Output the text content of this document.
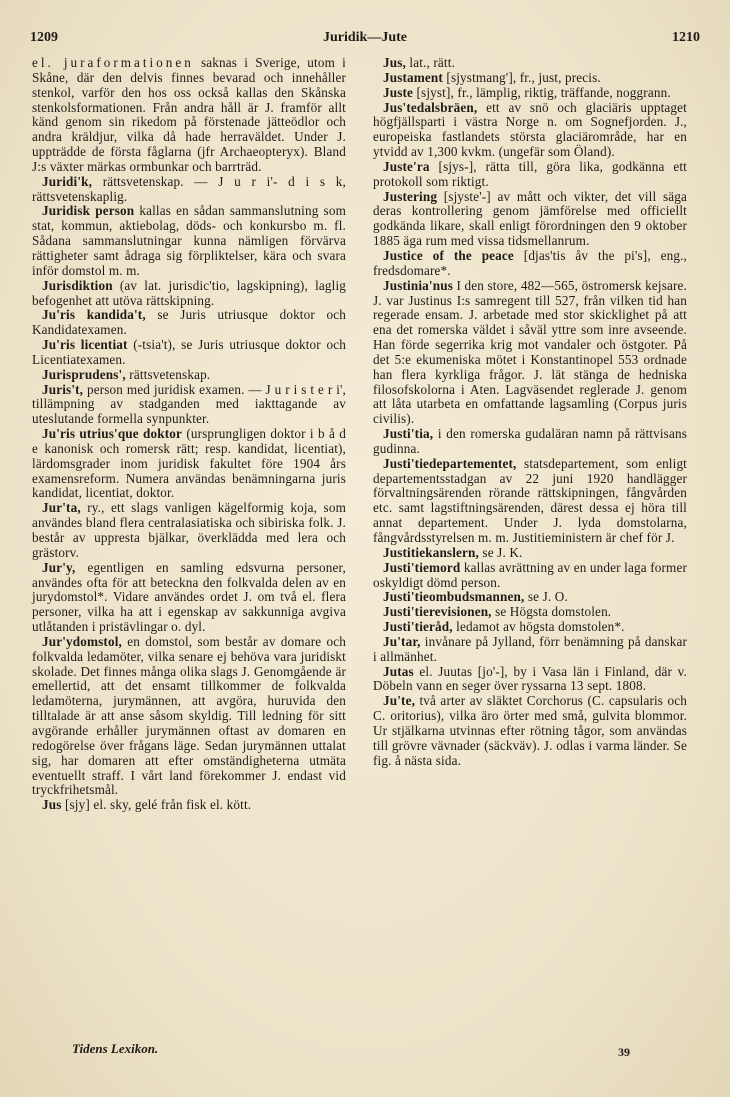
1209	Juridik—Jute	1210

el. juraformationen saknas i Sverige, utom i Skåne, där den delvis finnes bevarad och innehåller stenkol, varför den hos oss också kallas den Skånska stenkolsformationen. Från andra håll är J. framför allt känd genom sin rikedom på förstenade jätteödlor och andra kräldjur, vilka då hade herraväldet. Under J. uppträdde de första fåglarna (jfr Archaeopteryx). Bland J:s växter märkas ormbunkar och barrträd.

Juridi'k, rättsvetenskap. — J u r i'- d i s k, rättsvetenskaplig.

Juridisk person kallas en sådan sammanslutning som stat, kommun, aktiebolag, döds- och konkursbo m. fl. Sådana sammanslutningar kunna nämligen förvärva rättigheter samt ådraga sig förpliktelser, kära och svara inför domstol m. m.

Jurisdiktion (av lat. jurisdic'tio, lagskipning), laglig befogenhet att utöva rättskipning.

Ju'ris kandida't, se Juris utriusque doktor och Kandidatexamen.

Ju'ris licentiat (-tsia't), se Juris utriusque doktor och Licentiatexamen.

Jurisprudens', rättsvetenskap.

Juris't, person med juridisk examen. — J u r i s t e r i', tillämpning av stadganden med iakttagande av uteslutande formella synpunkter.

Ju'ris utrius'que doktor (ursprungligen doktor i b å d e kanonisk och romersk rätt; resp. kandidat, licentiat), lärdomsgrader inom juridisk fakultet före 1904 års examensreform. Numera användas benämningarna juris kandidat, licentiat, doktor.

Jur'ta, ry., ett slags vanligen kägelformig koja, som användes bland flera centralasiatiska och sibiriska folk. J. består av uppresta bjälkar, överklädda med lera och grästorv.

Jur'y, egentligen en samling edsvurna personer, användes ofta för att beteckna den folkvalda delen av en jurydomstol*. Vidare användes ordet J. om två el. flera personer, vilka ha att i egenskap av sakkunniga avgiva utlåtanden i pristävlingar o. dyl.

Jur'ydomstol, en domstol, som består av domare och folkvalda ledamöter, vilka senare ej behöva vara juridiskt skolade. Det finnes många olika slags J. Genomgående är emellertid, att det ensamt tillkommer de folkvalda ledamöterna, jurymännen, att avgöra, huruvida den tilltalade är att anse såsom skyldig. Till ledning för sitt avgörande erhåller jurymännen oftast av domaren en redogörelse över frågans läge. Sedan jurymännen uttalat sig, har domaren att efter omständigheterna utmäta eventuellt straff. I vårt land förekommer J. endast vid tryckfrihetsmål.

Jus [sjy] el. sky, gelé från fisk el. kött.

Jus, lat., rätt.

Justament [sjystmang'], fr., just, precis.

Juste [sjyst], fr., lämplig, riktig, träffande, noggrann.

Jus'tedalsbräen, ett av snö och glaciäris upptaget högfjällsparti i västra Norge n. om Sognefjorden. J., europeiska fastlandets största glaciärområde, har en ytvidd av 1,300 kvkm. (ungefär som Öland).

Juste'ra [sjys-], rätta till, göra lika, godkänna ett protokoll som riktigt.

Justering [sjyste'-] av mått och vikter, det vill säga deras kontrollering genom jämförelse med officiellt godkända likare, skall enligt förordningen den 9 oktober 1885 äga rum med vissa tidsmellanrum.

Justice of the peace [djas'tis åv the pi's], eng., fredsdomare*.

Justinia'nus I den store, 482—565, östromersk kejsare. J. var Justinus I:s samregent till 527, från vilken tid han regerade ensam. J. arbetade med stor skicklighet på att ena det romerska väldet i såväl yttre som inre avseende. Han förde segerrika krig mot vandaler och östgoter. På det 5:e ekumeniska mötet i Konstantinopel 553 ordnade han flera kyrkliga frågor. J. lät stänga de hedniska filosofskolorna i Aten. Lagväsendet reglerade J. genom att låta utarbeta en omfattande lagsamling (Corpus juris civilis).

Justi'tia, i den romerska gudaläran namn på rättvisans gudinna.

Justi'tiedepartementet, statsdepartement, som enligt departementsstadgan av 22 juni 1920 handlägger förvaltningsärenden rörande rättskipningen, fångvården etc. samt lagstiftningsärenden, därest dessa ej höra till annat departement. Under J. lyda domstolarna, fångvårdsstyrelsen m. m. Justitieministern är chef för J.

Justitiekanslern, se J. K.

Justi'tiemord kallas avrättning av en under laga former oskyldigt dömd person.

Justi'tieombudsmannen, se J. O.

Justi'tierevisionen, se Högsta domstolen.

Justi'tieråd, ledamot av högsta domstolen*.

Ju'tar, invånare på Jylland, förr benämning på danskar i allmänhet.

Jutas el. Juutas [jo'-], by i Vasa län i Finland, där v. Döbeln vann en seger över ryssarna 13 sept. 1808.

Ju'te, två arter av släktet Corchorus (C. capsularis och C. oritorius), vilka äro örter med små, gulvita blommor. Ur stjälkarna utvinnas efter rötning tågor, som användas till grövre vävnader (säckväv). J. odlas i varma länder. Se fig. å nästa sida.

Tidens Lexikon.	39
